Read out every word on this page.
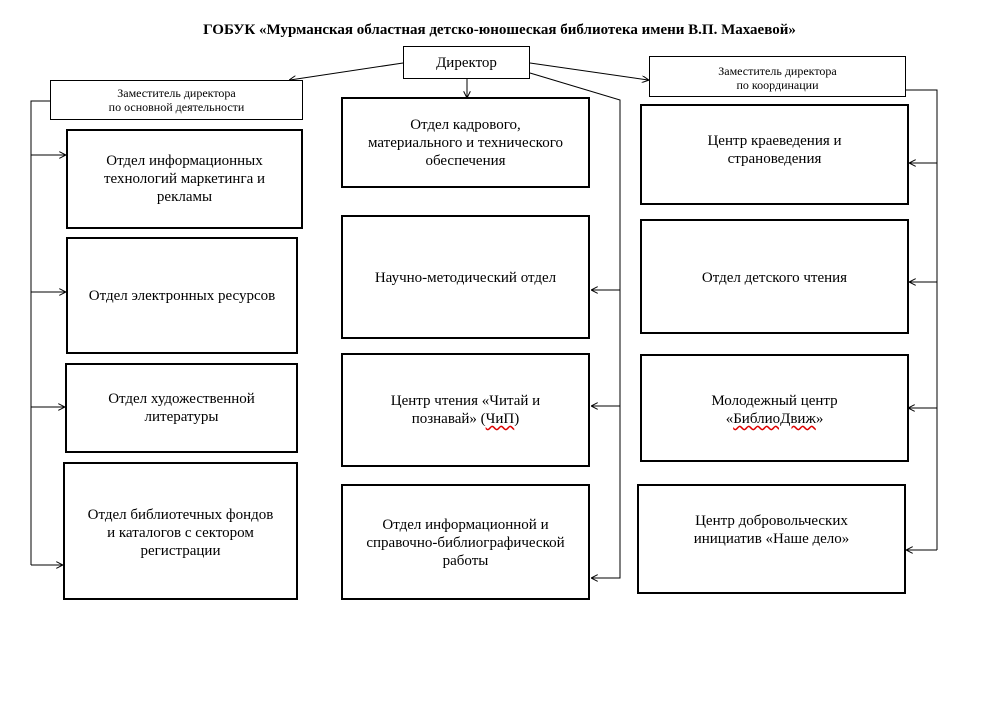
ГОБУК «Мурманская областная детско-юношеская библиотека имени В.П. Махаевой»
Директор
Заместитель директора
по основной деятельности
Заместитель директора
по координации
Отдел информационных
технологий маркетинга и
рекламы
Отдел электронных ресурсов
Отдел художественной
литературы
Отдел библиотечных фондов
и каталогов с сектором
регистрации
Отдел кадрового,
материального и технического
обеспечения
Научно-методический отдел
Центр чтения «Читай и
познавай» (ЧиП)
Отдел информационной и
справочно-библиографической
работы
Центр краеведения и
страноведения
Отдел детского чтения
Молодежный центр
«БиблиоДвиж»
Центр добровольческих
инициатив «Наше дело»
